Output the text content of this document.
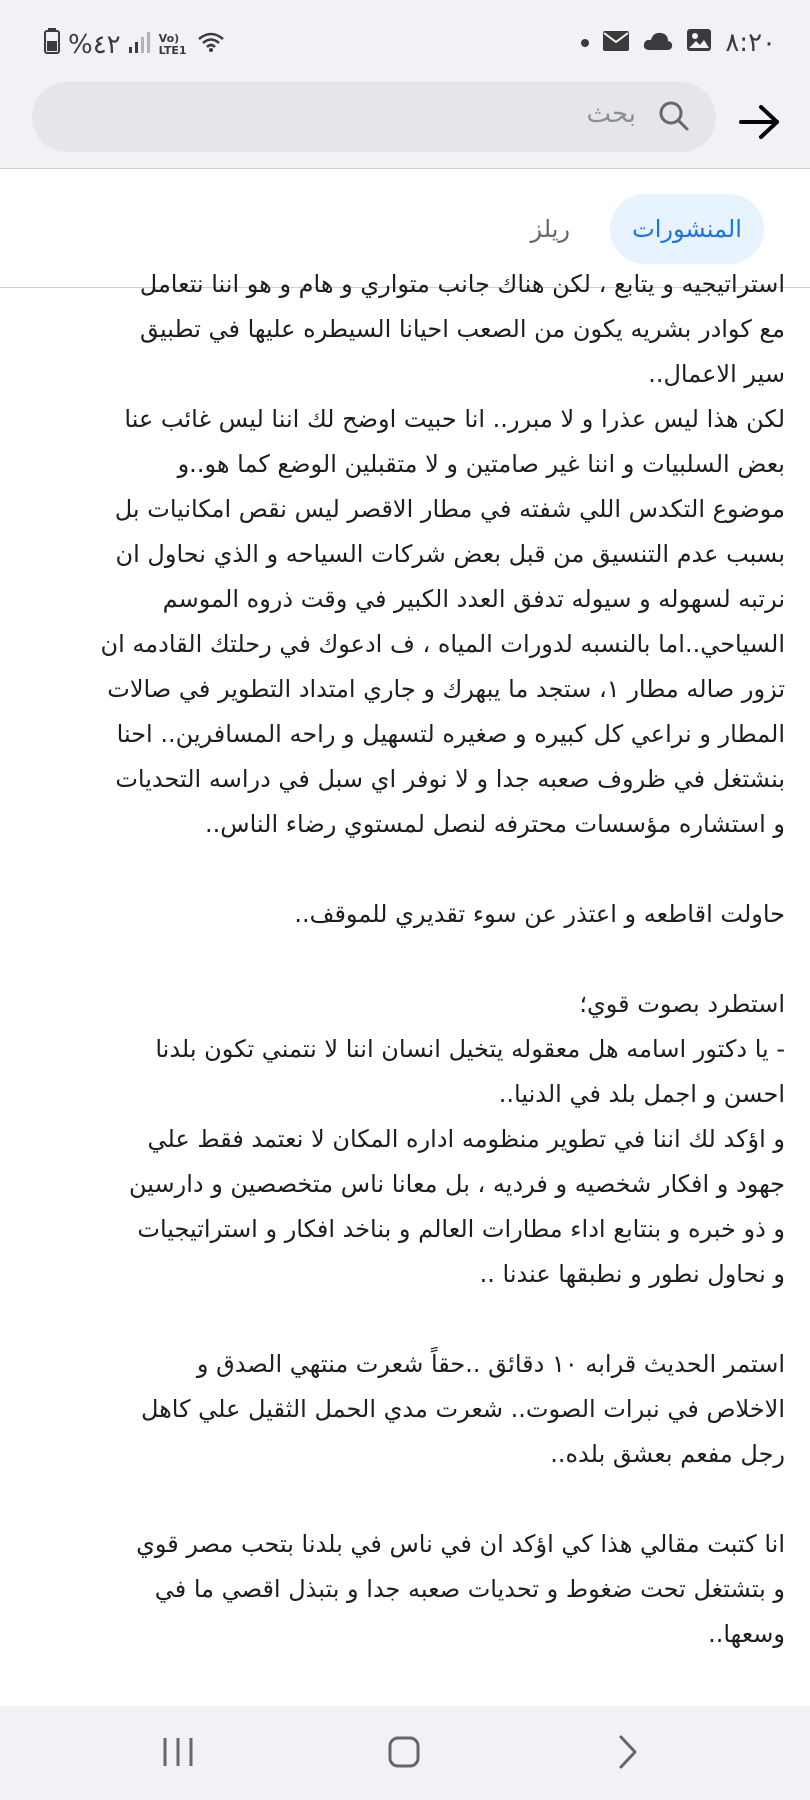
%٤٢	Vo) LTE1	٨:٢٠
بحث
المنشورات
ريلز
استراتيجيه و يتابع ، لكن هناك جانب متواري و هام و هو اننا نتعامل
مع كوادر بشريه يكون من الصعب احيانا السيطره عليها في تطبيق
سير الاعمال..
لكن هذا ليس عذرا و لا مبرر.. انا حبيت اوضح لك اننا ليس غائب عنا
بعض السلبيات و اننا غير صامتين و لا متقبلين الوضع كما هو..و
موضوع التكدس اللي شفته في مطار الاقصر ليس نقص امكانيات بل
بسبب عدم التنسيق من قبل بعض شركات السياحه و الذي نحاول ان
نرتبه لسهوله و سيوله تدفق العدد الكبير في وقت ذروه الموسم
السياحي..اما بالنسبه لدورات المياه ، ف ادعوك في رحلتك القادمه ان
تزور صاله مطار ١، ستجد ما يبهرك و جاري امتداد التطوير في صالات
المطار و نراعي كل كبيره و صغيره لتسهيل و راحه المسافرين.. احنا
بنشتغل في ظروف صعبه جدا و لا نوفر اي سبل في دراسه التحديات
و استشاره مؤسسات محترفه لنصل لمستوي رضاء الناس..
حاولت اقاطعه و اعتذر عن سوء تقديري للموقف..
استطرد بصوت قوي؛
- يا دكتور اسامه هل معقوله يتخيل انسان اننا لا نتمني تكون بلدنا
احسن و اجمل بلد في الدنيا..
و اؤكد لك اننا في تطوير منظومه اداره المكان لا نعتمد فقط علي
جهود و افكار شخصيه و فرديه ، بل معانا ناس متخصصين و دارسين
و ذو خبره و بنتابع اداء مطارات العالم و بناخد افكار و استراتيجيات
و نحاول نطور و نطبقها عندنا ..
استمر الحديث قرابه ١٠ دقائق ..حقاً شعرت منتهي الصدق و
الاخلاص في نبرات الصوت.. شعرت مدي الحمل الثقيل علي كاهل
رجل مفعم بعشق بلده..
انا كتبت مقالي هذا كي اؤكد ان في ناس في بلدنا بتحب مصر قوي
و بتشتغل تحت ضغوط و تحديات صعبه جدا و بتبذل اقصي ما في
وسعها..
